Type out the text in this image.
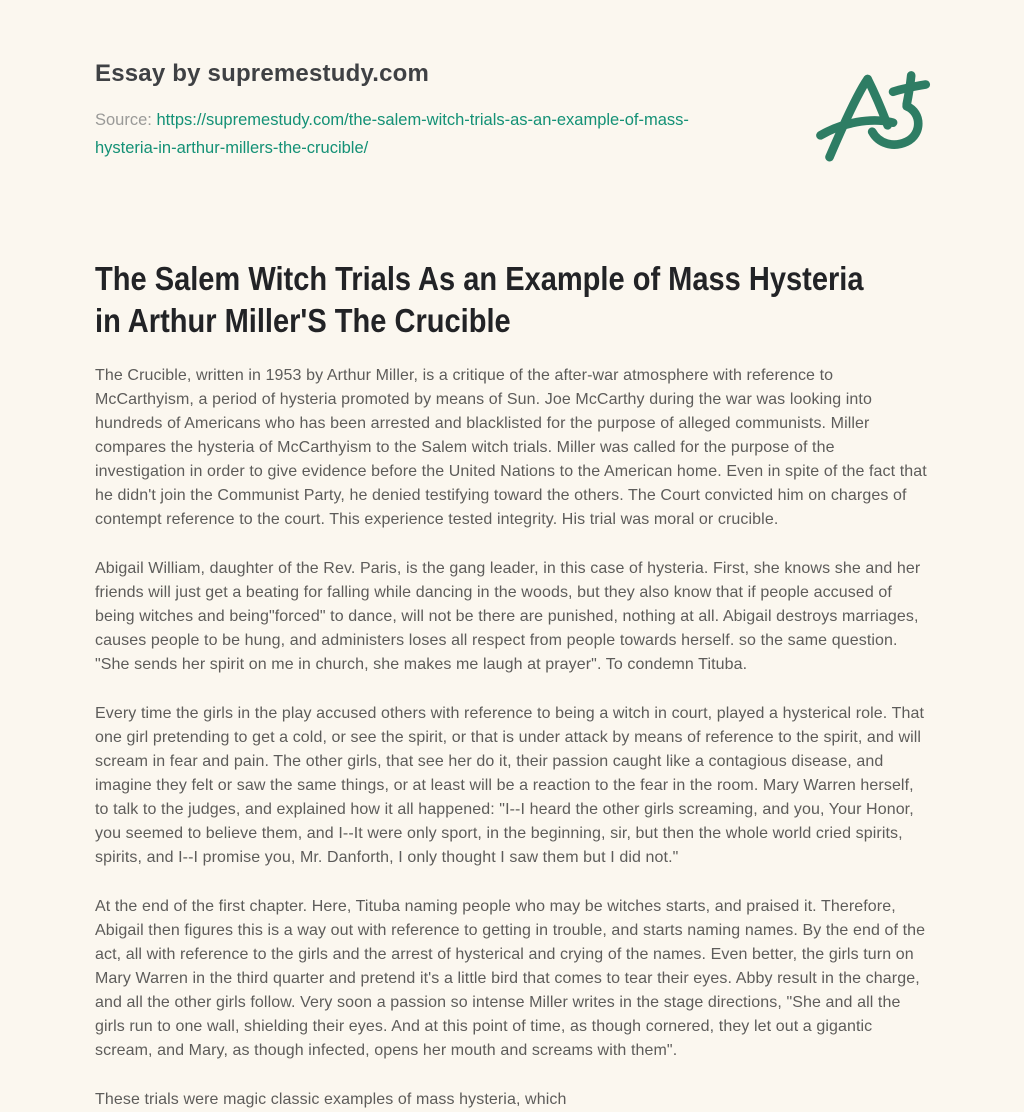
Essay by supremestudy.com

Source: https://supremestudy.com/the-salem-witch-trials-as-an-example-of-mass-hysteria-in-arthur-millers-the-crucible/

The Salem Witch Trials As an Example of Mass Hysteria
in Arthur Miller'S The Crucible

The Crucible, written in 1953 by Arthur Miller, is a critique of the after-war atmosphere with reference to McCarthyism, a period of hysteria promoted by means of Sun. Joe McCarthy during the war was looking into hundreds of Americans who has been arrested and blacklisted for the purpose of alleged communists. Miller compares the hysteria of McCarthyism to the Salem witch trials. Miller was called for the purpose of the investigation in order to give evidence before the United Nations to the American home. Even in spite of the fact that he didn't join the Communist Party, he denied testifying toward the others. The Court convicted him on charges of contempt reference to the court. This experience tested integrity. His trial was moral or crucible.

Abigail William, daughter of the Rev. Paris, is the gang leader, in this case of hysteria. First, she knows she and her friends will just get a beating for falling while dancing in the woods, but they also know that if people accused of being witches and being"forced" to dance, will not be there are punished, nothing at all. Abigail destroys marriages, causes people to be hung, and administers loses all respect from people towards herself. so the same question. "She sends her spirit on me in church, she makes me laugh at prayer". To condemn Tituba.

Every time the girls in the play accused others with reference to being a witch in court, played a hysterical role. That one girl pretending to get a cold, or see the spirit, or that is under attack by means of reference to the spirit, and will scream in fear and pain. The other girls, that see her do it, their passion caught like a contagious disease, and imagine they felt or saw the same things, or at least will be a reaction to the fear in the room. Mary Warren herself, to talk to the judges, and explained how it all happened: "I--I heard the other girls screaming, and you, Your Honor, you seemed to believe them, and I--It were only sport, in the beginning, sir, but then the whole world cried spirits, spirits, and I--I promise you, Mr. Danforth, I only thought I saw them but I did not."

At the end of the first chapter. Here, Tituba naming people who may be witches starts, and praised it. Therefore, Abigail then figures this is a way out with reference to getting in trouble, and starts naming names. By the end of the act, all with reference to the girls and the arrest of hysterical and crying of the names. Even better, the girls turn on Mary Warren in the third quarter and pretend it's a little bird that comes to tear their eyes. Abby result in the charge, and all the other girls follow. Very soon a passion so intense Miller writes in the stage directions, "She and all the girls run to one wall, shielding their eyes. And at this point of time, as though cornered, they let out a gigantic scream, and Mary, as though infected, opens her mouth and screams with them".

These trials were magic classic examples of mass hysteria, which
